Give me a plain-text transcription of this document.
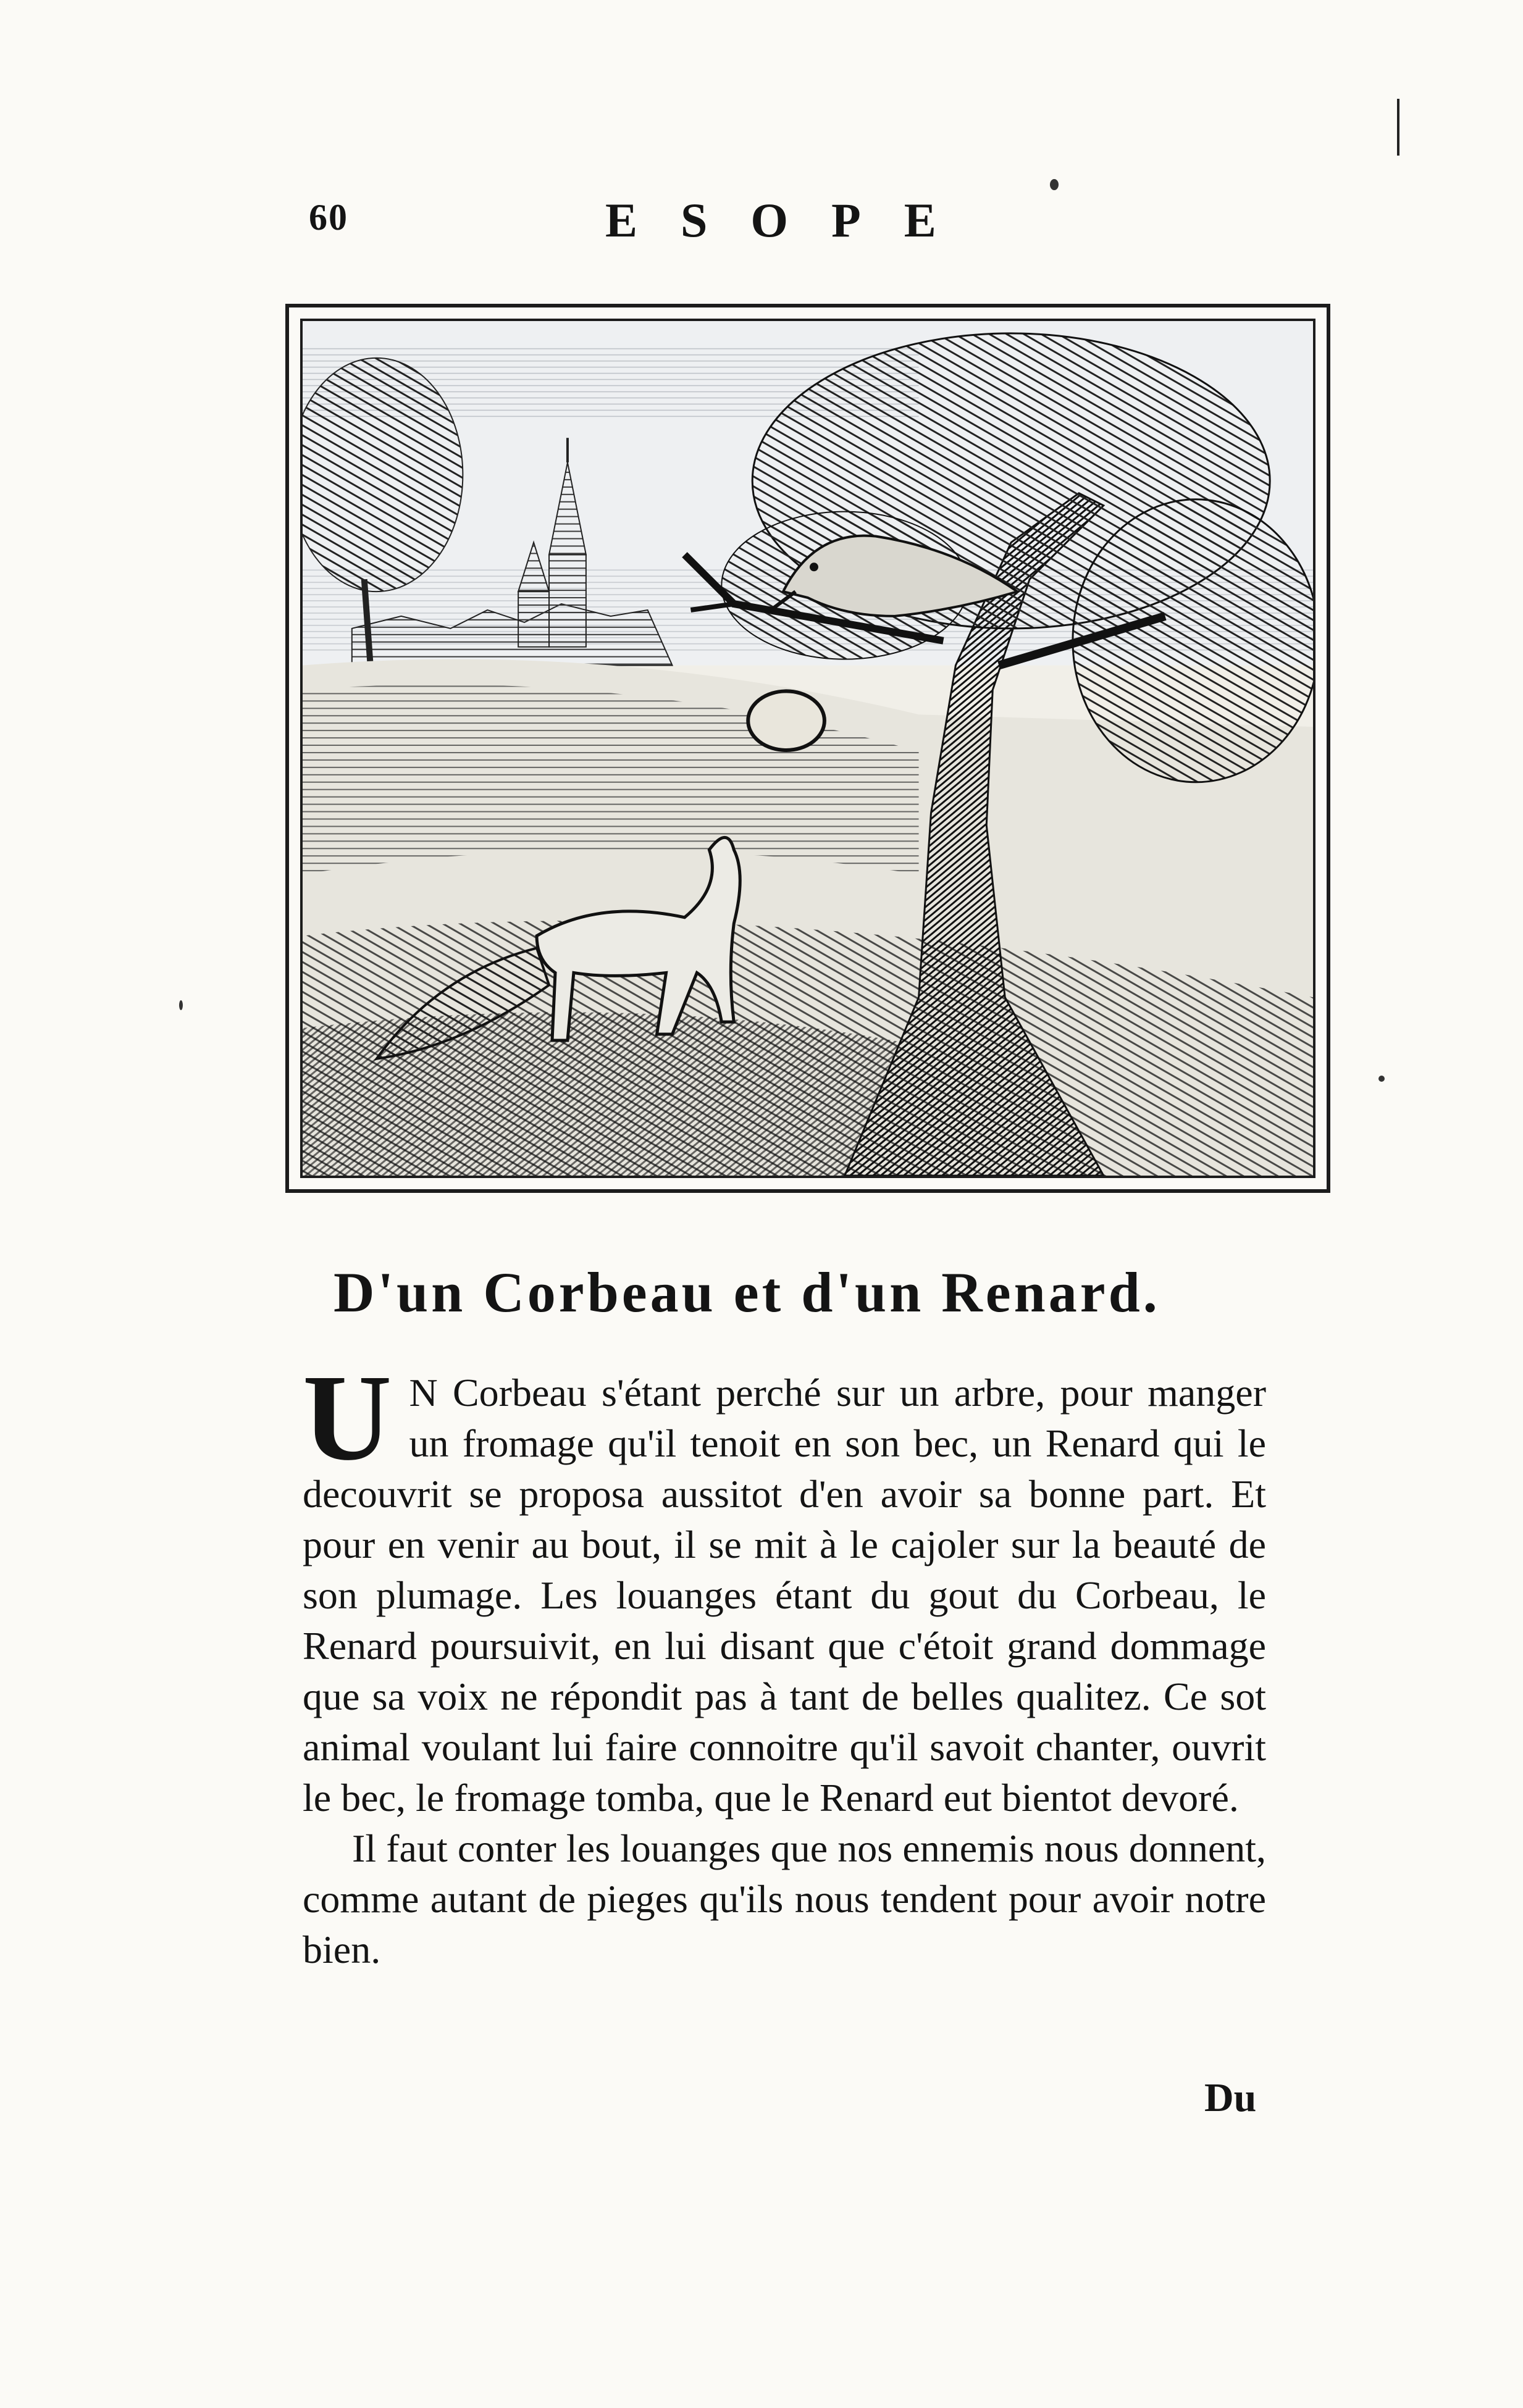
60	ESOPE
D'un Corbeau et d'un Renard.

U N Corbeau s'étant perché sur un arbre, pour manger un fromage qu'il tenoit en son bec, un Renard qui le decouvrit se proposa aussitot d'en avoir sa bonne part. Et pour en venir au bout, il se mit à le cajoler sur la beauté de son plumage. Les louanges étant du gout du Corbeau, le Renard poursuivit, en lui disant que c'étoit grand dommage que sa voix ne répondit pas à tant de belles qualitez. Ce sot animal voulant lui faire connoitre qu'il savoit chanter, ouvrit le bec, le fromage tomba, que le Renard eut bientot devoré.

Il faut conter les louanges que nos ennemis nous donnent, comme autant de pieges qu'ils nous tendent pour avoir notre bien.

Du
